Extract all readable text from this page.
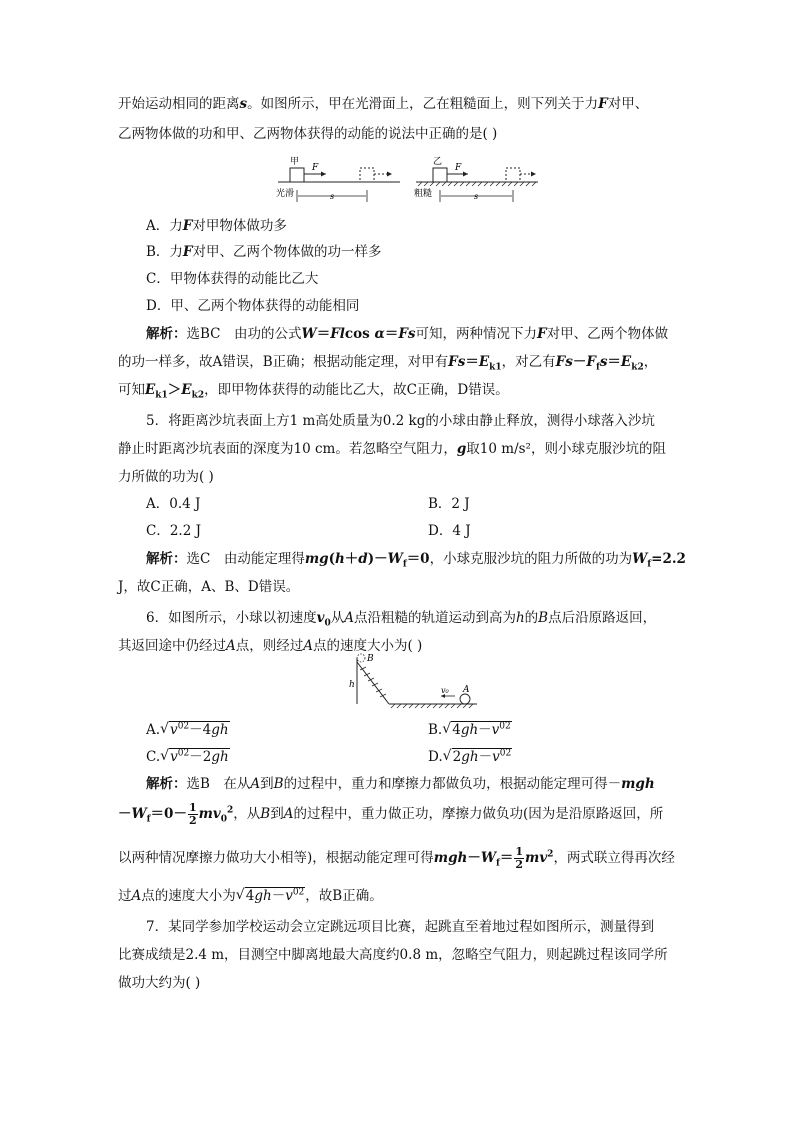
开始运动相同的距离s。如图所示，甲在光滑面上，乙在粗糙面上，则下列关于力F对甲、
乙两物体做的功和甲、乙两物体获得的动能的说法中正确的是( )
甲
F
s
光滑
乙
F
s
粗糙
A．力F对甲物体做功多
B．力F对甲、乙两个物体做的功一样多
C．甲物体获得的动能比乙大
D．甲、乙两个物体获得的动能相同
解析：选BC　由功的公式W＝Flcos α＝Fs可知，两种情况下力F对甲、乙两个物体做
的功一样多，故A错误，B正确；根据动能定理，对甲有$Fs=E_{k1}$，对乙有$Fs-F_fs=E_{k2}$，
可知$E_{k1}>E_{k2}$，即甲物体获得的动能比乙大，故C正确，D错误。
5．将距离沙坑表面上方1 m高处质量为0.2 kg的小球由静止释放，测得小球落入沙坑
静止时距离沙坑表面的深度为10 cm。若忽略空气阻力，g取10 m/s²，则小球克服沙坑的阻
力所做的功为( )
A．0.4 J	B．2 J
C．2.2 J	D．4 J
解析：选C　由动能定理得$mg(h+d)-W_f=0$，小球克服沙坑的阻力所做的功为$W_f=2.2$
J，故C正确，A、B、D错误。
6．如图所示，小球以初速度$v_0$从A点沿粗糙的轨道运动到高为h的B点后沿原路返回，
其返回途中仍经过A点，则经过A点的速度大小为( )
B
h	A
v₀
A. √ $v^{02}-4gh$	B. √ $4gh-v^{02}$
C. √ $v^{02}-2gh$	D. √ $2gh-v^{02}$
解析：选B　在从A到B的过程中，重力和摩擦力都做负功，根据动能定理可得－mgh
$-W_f=0- \frac{1}{2} mv_0^2$，从B到A的过程中，重力做正功，摩擦力做负功(因为是沿原路返回，所
以两种情况摩擦力做功大小相等)，根据动能定理可得$mgh-W_f= \frac{1}{2} mv^2$，两式联立得再次经
过A点的速度大小为 √ $4gh-v^{02}$，故B正确。
7．某同学参加学校运动会立定跳远项目比赛，起跳直至着地过程如图所示，测量得到
比赛成绩是2.4 m，目测空中脚离地最大高度约0.8 m，忽略空气阻力，则起跳过程该同学所
做功大约为( )
